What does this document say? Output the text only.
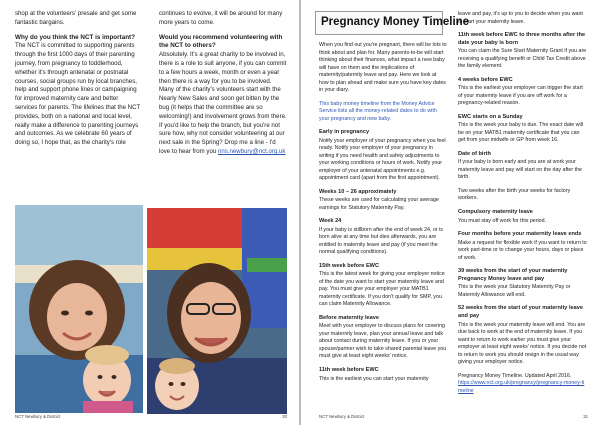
shop at the volunteers' presale and get some fantastic bargains.

Why do you think the NCT is important?

The NCT is committed to supporting parents through the first 1000 days of their parenting journey, from pregnancy to toddlerhood, whether it's through antenatal or postnatal courses, social groups run by local branches, help and support phone lines or campaigning for improved maternity care and better services for parents. The lifelines that the NCT provides, both on a national and local level, really make a difference to parenting journeys and outcomes. As we celebrate 60 years of doing so, I hope that, as the charity's role

continues to evolve, it will be around for many more years to come.

Would you recommend volunteering with the NCT to others?

Absolutely. It's a great charity to be involved in, there is a role to suit anyone, if you can commit to a few hours a week, month or even a year then there is a way for you to be involved. Many of the charity's volunteers start with the Nearly New Sales and soon get bitten by the bug (it helps that the committee are so welcoming!) and involvement grows from there. If you'd like to help the branch, but you're not sure how, why not consider volunteering at our next sale in the Spring? Drop me a line - I'd love to hear from you nns.newbury@nct.org.uk

NCT Newbury & District	30
Pregnancy Money Timeline

When you find out you're pregnant, there will be lots to think about and plan for. Many parents-to-be will start thinking about their finances, what impact a new baby will have on them and the implications of maternity/paternity leave and pay. Here we look at how to plan ahead and make sure you have key dates in your diary.

This baby money timeline from the Money Advice Service lists all the money-related dates to do with your pregnancy and new baby.

Early in pregnancy

Notify your employer of your pregnancy when you feel ready. Notify your employer of your pregnancy in writing if you need health and safety adjustments to your working conditions or hours of work. Notify your employer of your antenatal appointments e.g. appointment card (apart from the first appointment).

Weeks 10 – 26 approximately

These weeks are used for calculating your average earnings for Statutory Maternity Pay.

Week 24

If your baby is stillborn after the end of week 24, or is born alive at any time but dies afterwards, you are entitled to maternity leave and pay (if you meet the normal qualifying conditions).

15th week before EWC

This is the latest week for giving your employer notice of the date you want to start your maternity leave and pay. You must give your employer your MATB1 maternity certificate. If you don't qualify for SMP, you can claim Maternity Allowance.

Before maternity leave

Meet with your employer to discuss plans for covering your maternity leave, plan your annual leave and talk about contact during maternity leave. If you or your spouse/partner wish to take shared parental leave you must give at least eight weeks' notice.

11th week before EWC

This is the earliest you can start your maternity

leave and pay, it's up to you to decide when you want to start your maternity leave.

11th week before EWC to three months after the date your baby is born

You can claim the Sure Start Maternity Grant if you are receiving a qualifying benefit or Child Tax Credit above the family element.

4 weeks before EWC

This is the earliest your employer can trigger the start of your maternity leave if you are off work for a pregnancy-related reason.

EWC starts on a Sunday

This is the week your baby is due. The exact date will be on your MATB1 maternity certificate that you can get from your midwife or GP from week 16.

Date of birth

If your baby is born early and you are at work your maternity leave and pay will start on the day after the birth.

Two weeks after the birth your weeks for factory workers.

Compulsory maternity leave

You must stay off work for this period.

Four months before your maternity leave ends

Make a request for flexible work if you want to return to work part-time or to change your hours, days or place of work.

39 weeks from the start of your maternity Pregnancy Money leave and pay

This is the week your Statutory Maternity Pay or Maternity Allowance will end.

52 weeks from the start of your maternity leave and pay

This is the week your maternity leave will end. You are due back to work at the end of maternity leave. If you want to return to work earlier you must give your employer at least eight weeks' notice. If you decide not to return to work you should resign in the usual way giving your employer notice.

Pregnancy Money Timeline. Updated April 2016.

https://www.nct.org.uk/pregnancy/pregnancy-money-timeline

NCT Newbury & District	31
